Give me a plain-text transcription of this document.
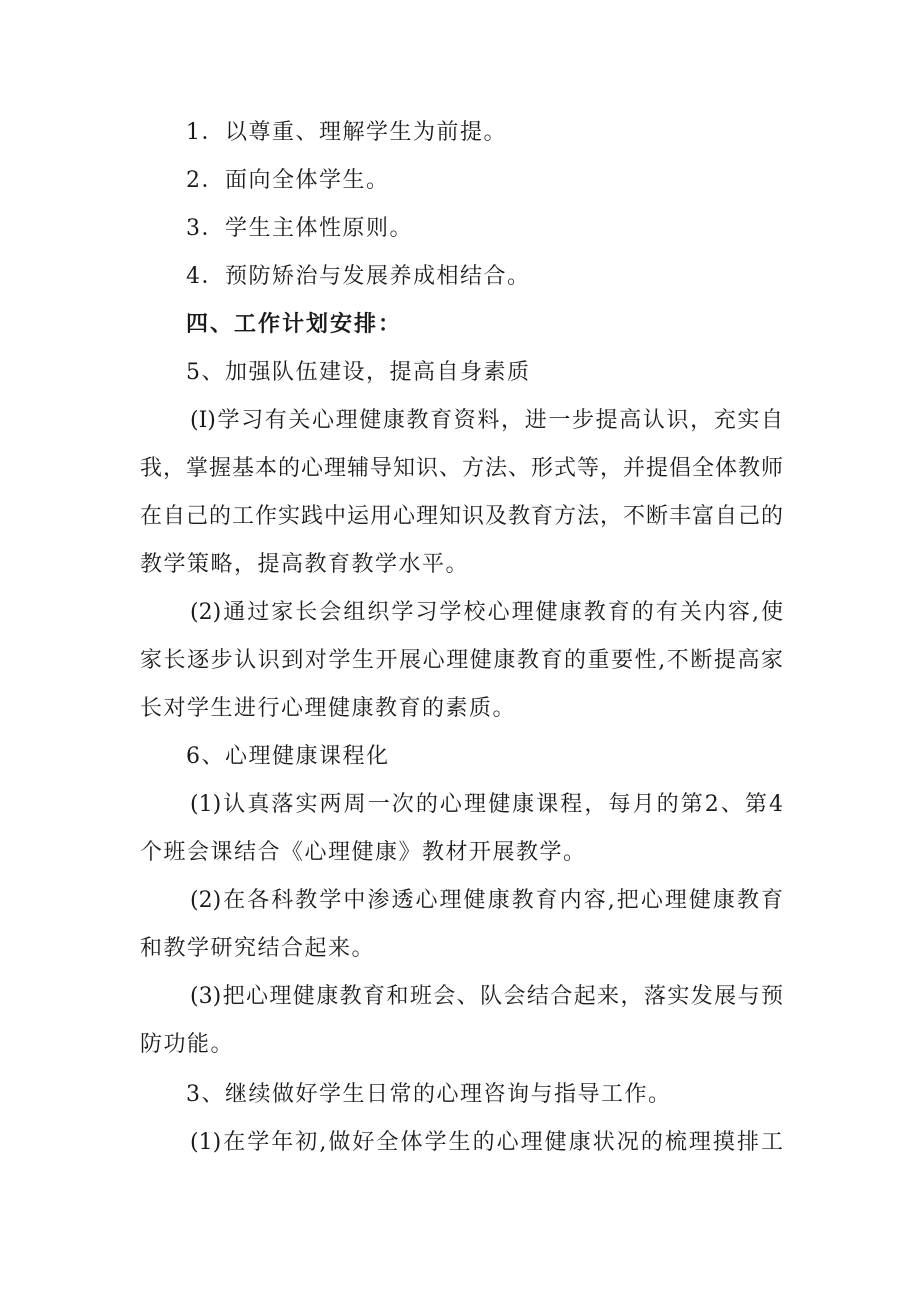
1．以尊重、理解学生为前提。
2．面向全体学生。
3．学生主体性原则。
4．预防矫治与发展养成相结合。
四、工作计划安排：
5、加强队伍建设，提高自身素质
(I)学习有关心理健康教育资料，进一步提高认识，充实自
我，掌握基本的心理辅导知识、方法、形式等，并提倡全体教师
在自己的工作实践中运用心理知识及教育方法，不断丰富自己的
教学策略，提高教育教学水平。
(2)通过家长会组织学习学校心理健康教育的有关内容,使
家长逐步认识到对学生开展心理健康教育的重要性,不断提高家
长对学生进行心理健康教育的素质。
6、心理健康课程化
(1)认真落实两周一次的心理健康课程，每月的第2、第4
个班会课结合《心理健康》教材开展教学。
(2)在各科教学中渗透心理健康教育内容,把心理健康教育
和教学研究结合起来。
(3)把心理健康教育和班会、队会结合起来，落实发展与预
防功能。
3、继续做好学生日常的心理咨询与指导工作。
(1)在学年初,做好全体学生的心理健康状况的梳理摸排工
